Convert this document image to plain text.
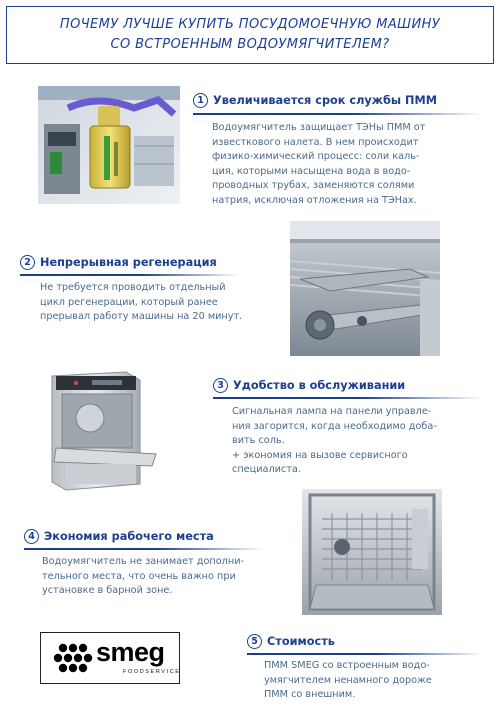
ПОЧЕМУ ЛУЧШЕ КУПИТЬ ПОСУДОМОЕЧНУЮ МАШИНУ
СО ВСТРОЕННЫМ ВОДОУМЯГЧИТЕЛЕМ?
1 Увеличивается срок службы ПММ
Водоумягчитель защищает ТЭНы ПММ от
известкового налета. В нем происходит
физико-химический процесс: соли каль-
ция, которыми насыщена вода в водо-
проводных трубах, заменяются солями
натрия, исключая отложения на ТЭНах.
2 Непрерывная регенерация
Не требуется проводить отдельный
цикл регенерации, который ранее
прерывал работу машины на 20 минут.
3 Удобство в обслуживании
Сигнальная лампа на панели управле-
ния загорится, когда необходимо доба-
вить соль.
+ экономия на вызове сервисного
специалиста.
4 Экономия рабочего места
Водоумягчитель не занимает дополни-
тельного места, что очень важно при
установке в барной зоне.
smeg
FOODSERVICE
5 Стоимость
ПММ SMEG со встроенным водо-
умягчителем ненамного дороже
ПММ со внешним.
